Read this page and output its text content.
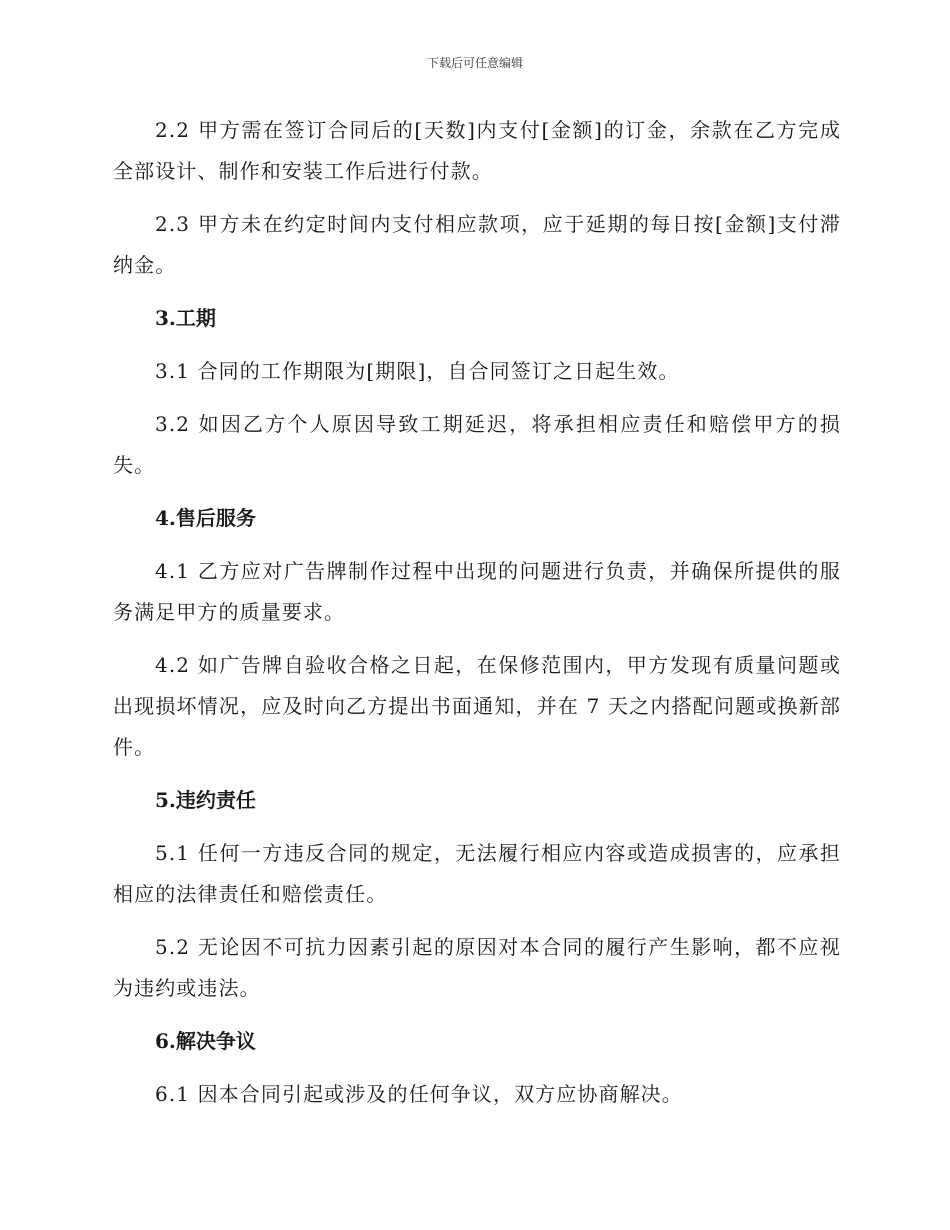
下载后可任意编辑

2.2 甲方需在签订合同后的[天数]内支付[金额]的订金，余款在乙方完成全部设计、制作和安装工作后进行付款。

2.3 甲方未在约定时间内支付相应款项，应于延期的每日按[金额]支付滞纳金。

3.工期

3.1 合同的工作期限为[期限]，自合同签订之日起生效。

3.2 如因乙方个人原因导致工期延迟，将承担相应责任和赔偿甲方的损失。

4.售后服务

4.1 乙方应对广告牌制作过程中出现的问题进行负责，并确保所提供的服务满足甲方的质量要求。

4.2 如广告牌自验收合格之日起，在保修范围内，甲方发现有质量问题或出现损坏情况，应及时向乙方提出书面通知，并在 7 天之内搭配问题或换新部件。

5.违约责任

5.1 任何一方违反合同的规定，无法履行相应内容或造成损害的，应承担相应的法律责任和赔偿责任。

5.2 无论因不可抗力因素引起的原因对本合同的履行产生影响，都不应视为违约或违法。

6.解决争议

6.1 因本合同引起或涉及的任何争议，双方应协商解决。
